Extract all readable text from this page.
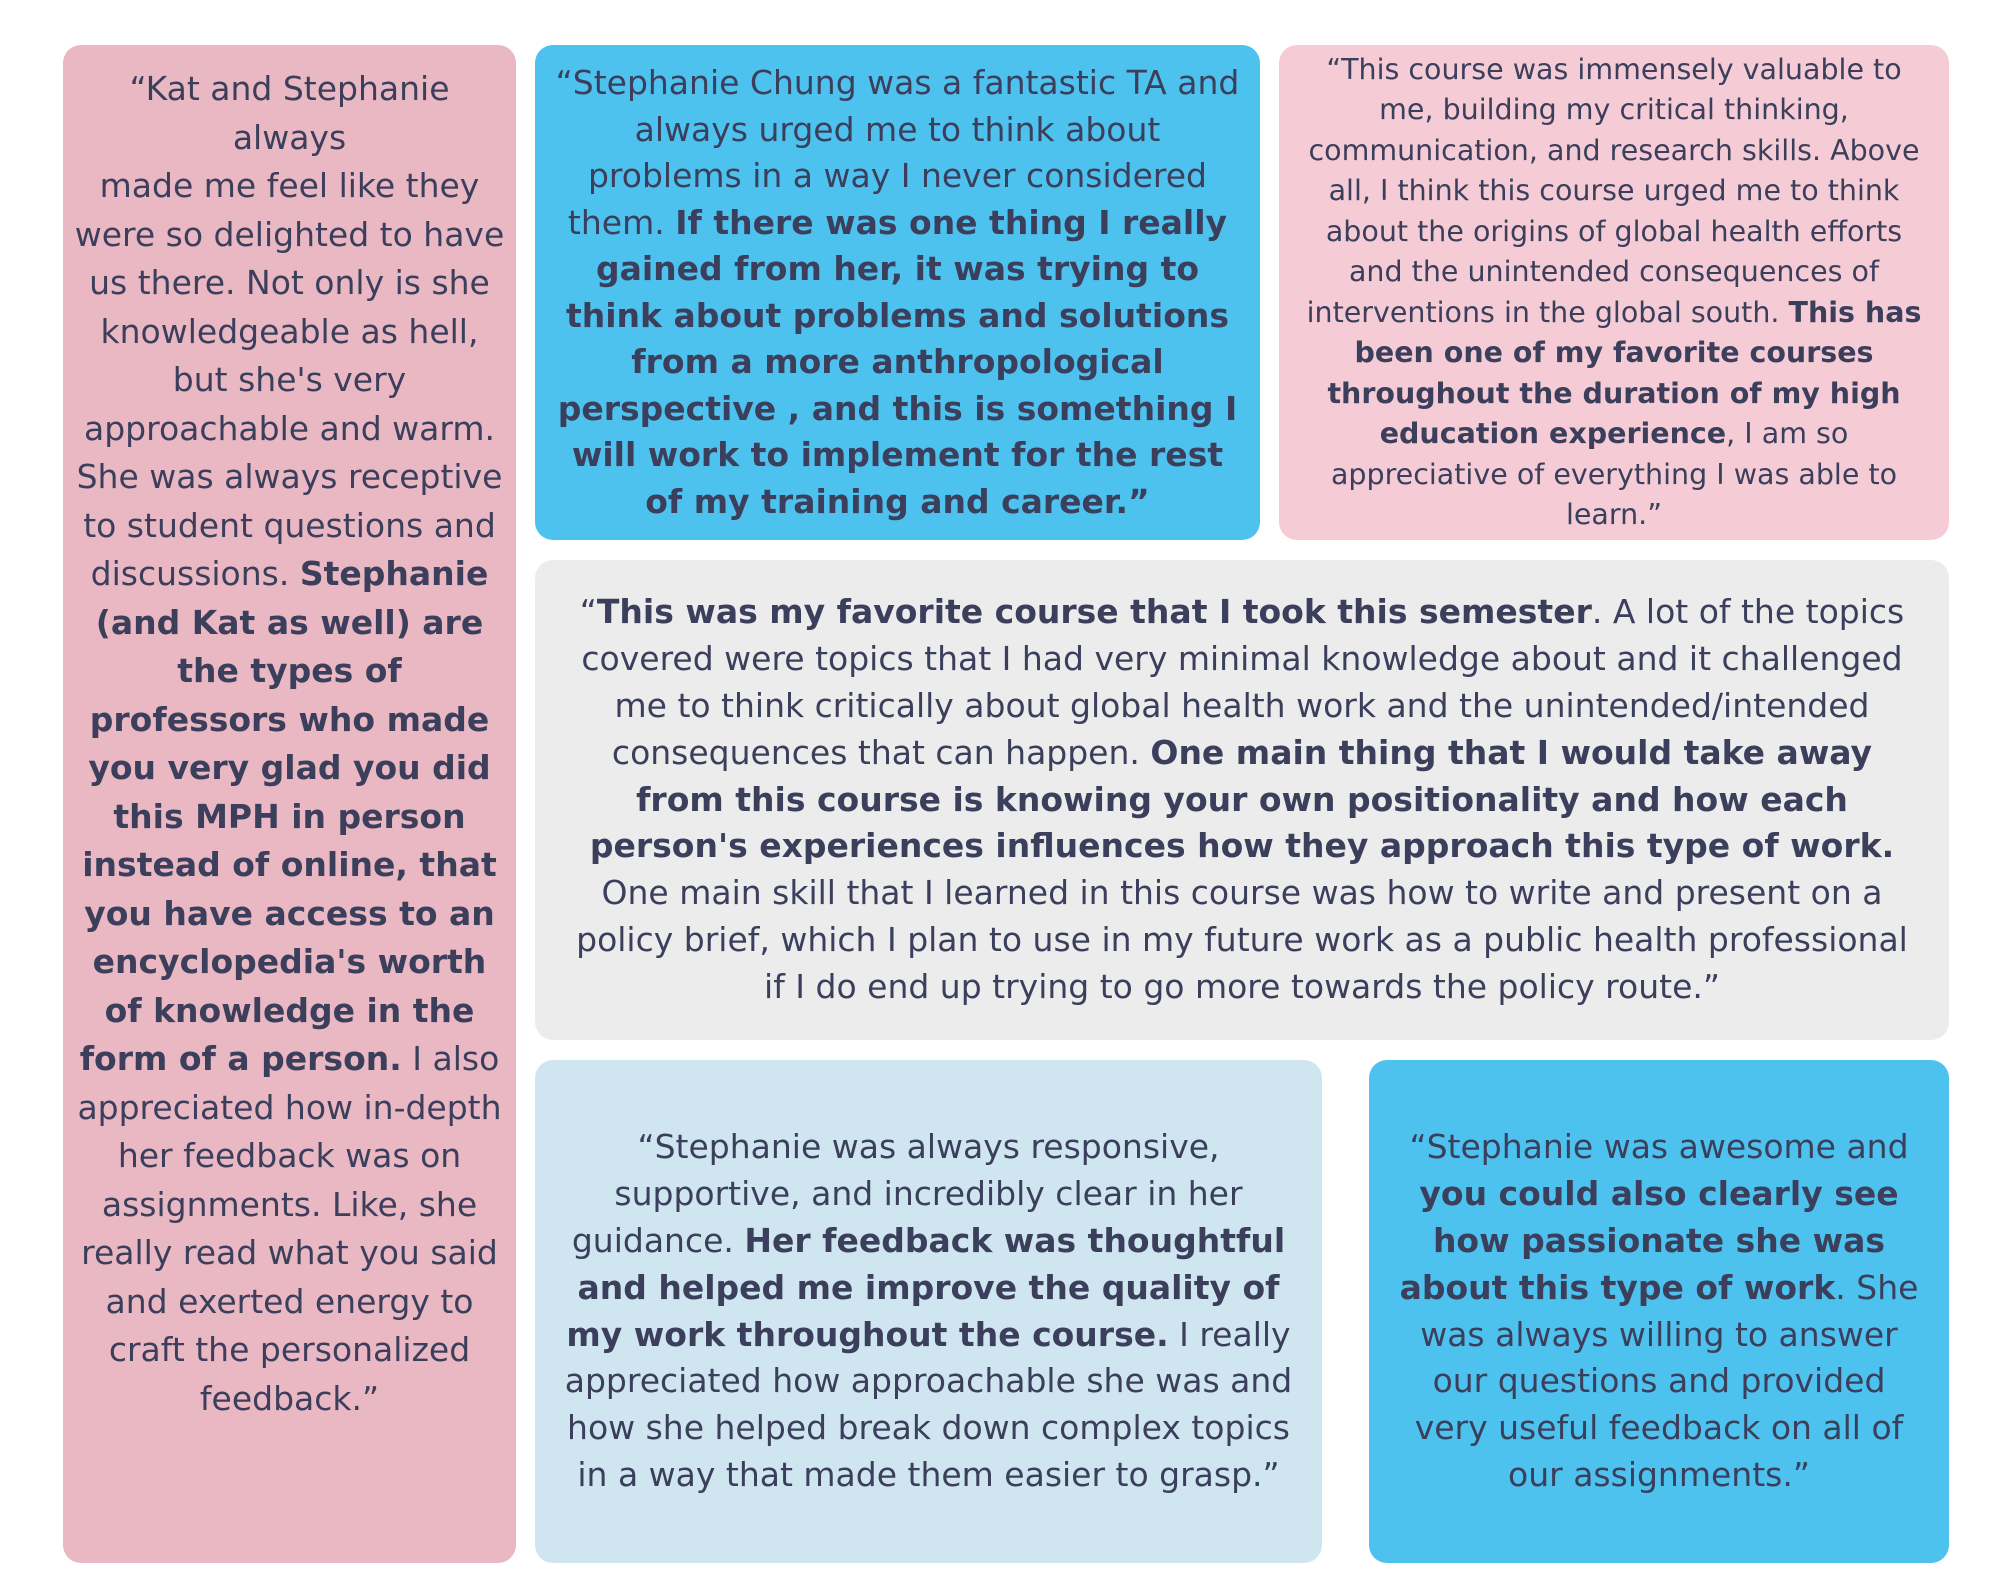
“Kat and Stephanie always
made me feel like they were so delighted to have us there. Not only is she knowledgeable as hell, but she's very approachable and warm. She was always receptive to student questions and discussions. Stephanie (and Kat as well) are the types of professors who made you very glad you did this MPH in person instead of online, that you have access to an encyclopedia's worth of knowledge in the form of a person. I also appreciated how in-depth her feedback was on assignments. Like, she really read what you said and exerted energy to craft the personalized feedback.”

“Stephanie Chung was a fantastic TA and always urged me to think about problems in a way I never considered them. If there was one thing I really gained from her, it was trying to think about problems and solutions from a more anthropological perspective , and this is something I will work to implement for the rest of my training and career.”

“This course was immensely valuable to me, building my critical thinking, communication, and research skills. Above all, I think this course urged me to think about the origins of global health efforts and the unintended consequences of interventions in the global south. This has been one of my favorite courses throughout the duration of my high education experience, I am so appreciative of everything I was able to learn.”

“This was my favorite course that I took this semester. A lot of the topics covered were topics that I had very minimal knowledge about and it challenged me to think critically about global health work and the unintended/intended consequences that can happen. One main thing that I would take away from this course is knowing your own positionality and how each person's experiences influences how they approach this type of work. One main skill that I learned in this course was how to write and present on a policy brief, which I plan to use in my future work as a public health professional if I do end up trying to go more towards the policy route.”

“Stephanie was always responsive, supportive, and incredibly clear in her guidance. Her feedback was thoughtful and helped me improve the quality of my work throughout the course. I really appreciated how approachable she was and how she helped break down complex topics in a way that made them easier to grasp.”

“Stephanie was awesome and you could also clearly see how passionate she was about this type of work. She was always willing to answer our questions and provided very useful feedback on all of our assignments.”
